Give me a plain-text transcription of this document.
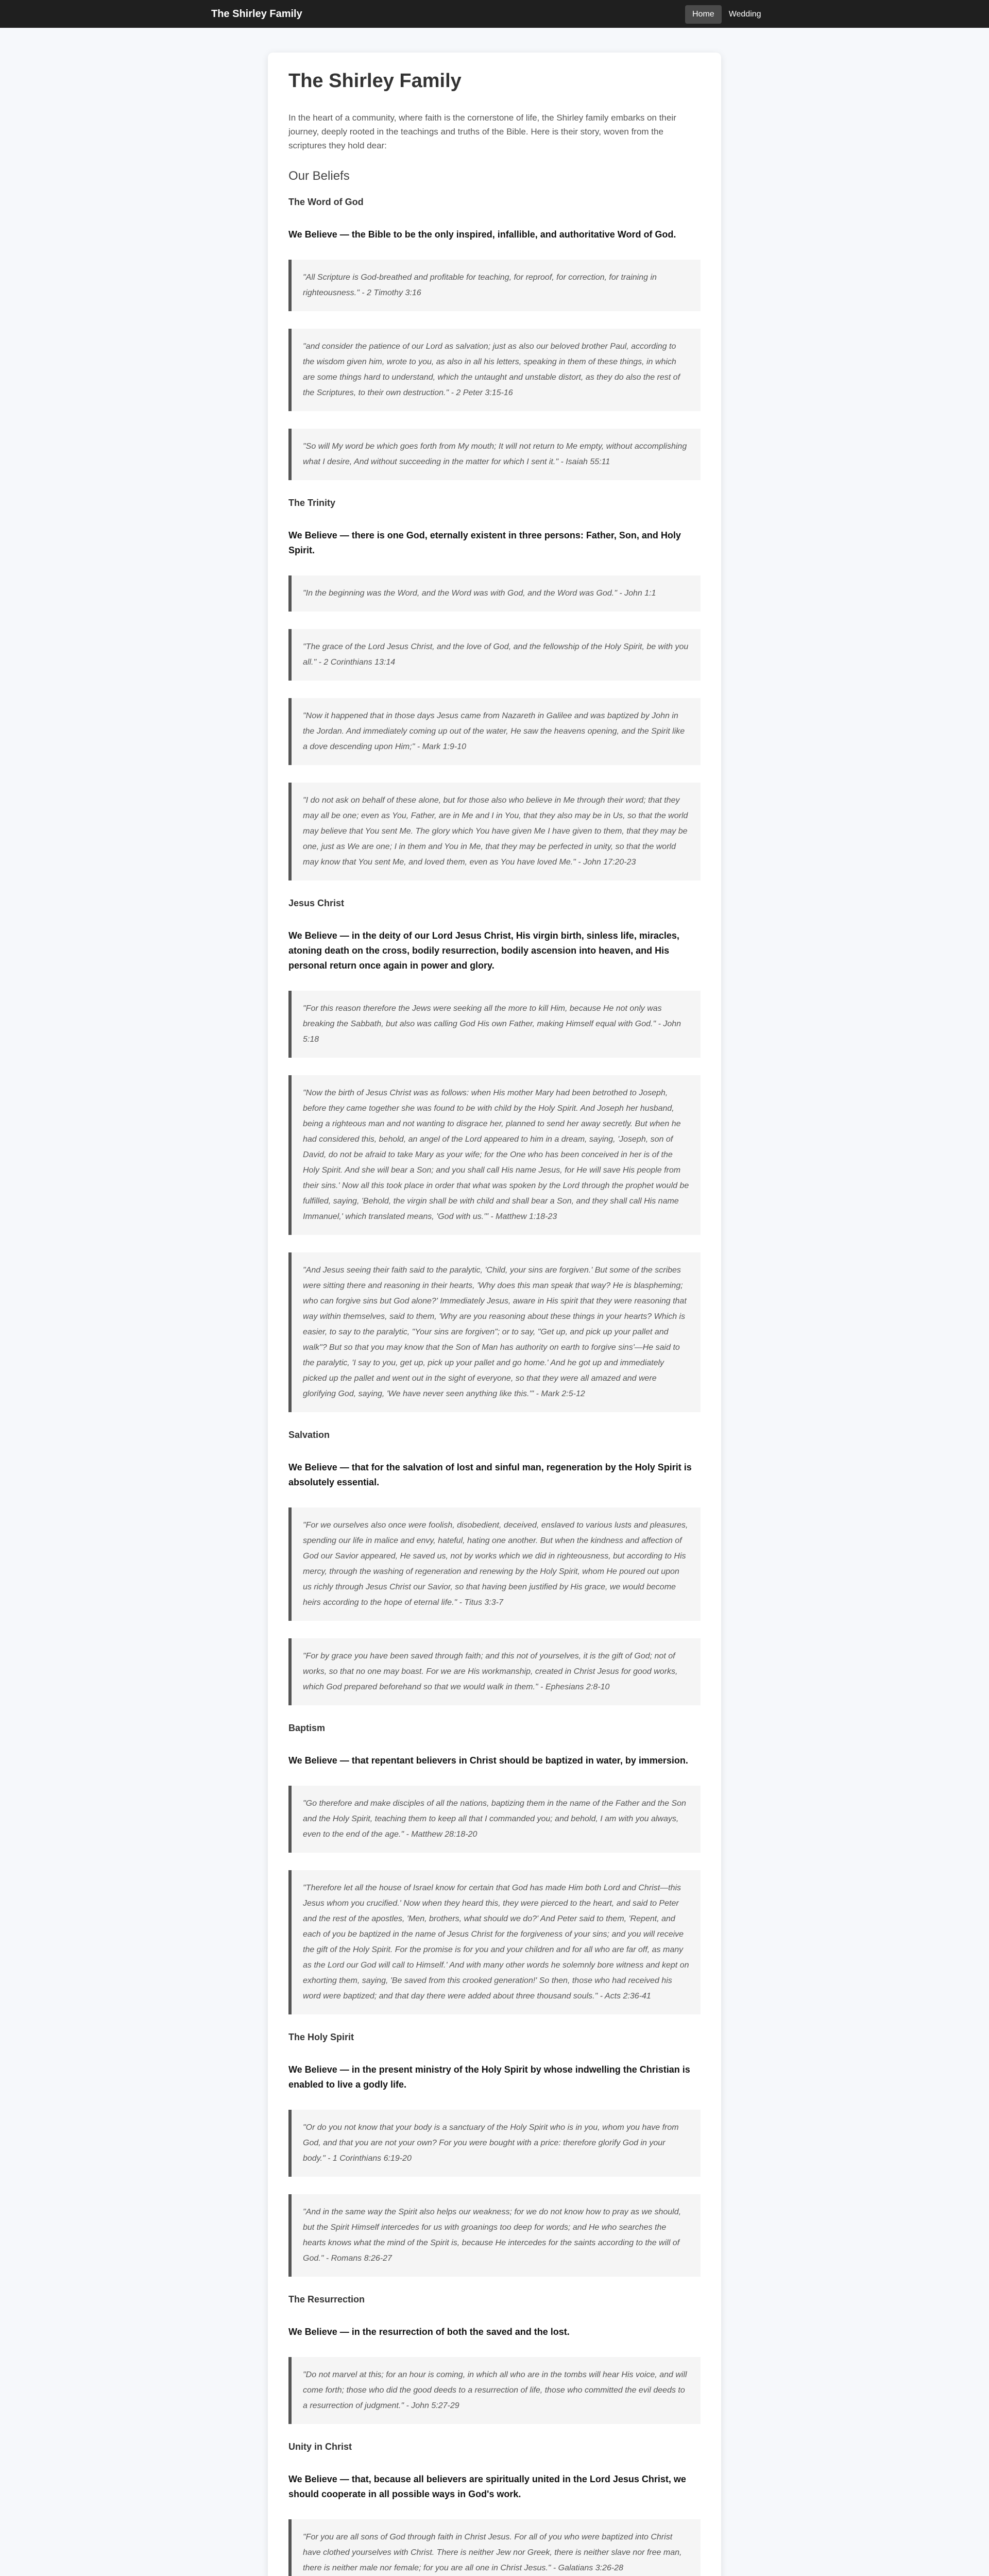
The Shirley Family	Home	Wedding
The Shirley Family

In the heart of a community, where faith is the cornerstone of life, the Shirley family embarks on their journey, deeply rooted in the teachings and truths of the Bible. Here is their story, woven from the scriptures they hold dear:

Our Beliefs
The Word of God

We Believe — the Bible to be the only inspired, infallible, and authoritative Word of God.

"All Scripture is God-breathed and profitable for teaching, for reproof, for correction, for training in righteousness." - 2 Timothy 3:16
"and consider the patience of our Lord as salvation; just as also our beloved brother Paul, according to the wisdom given him, wrote to you, as also in all his letters, speaking in them of these things, in which are some things hard to understand, which the untaught and unstable distort, as they do also the rest of the Scriptures, to their own destruction." - 2 Peter 3:15-16
"So will My word be which goes forth from My mouth; It will not return to Me empty, without accomplishing what I desire, And without succeeding in the matter for which I sent it." - Isaiah 55:11
The Trinity

We Believe — there is one God, eternally existent in three persons: Father, Son, and Holy Spirit.

"In the beginning was the Word, and the Word was with God, and the Word was God." - John 1:1
"The grace of the Lord Jesus Christ, and the love of God, and the fellowship of the Holy Spirit, be with you all." - 2 Corinthians 13:14
"Now it happened that in those days Jesus came from Nazareth in Galilee and was baptized by John in the Jordan. And immediately coming up out of the water, He saw the heavens opening, and the Spirit like a dove descending upon Him;" - Mark 1:9-10
"I do not ask on behalf of these alone, but for those also who believe in Me through their word; that they may all be one; even as You, Father, are in Me and I in You, that they also may be in Us, so that the world may believe that You sent Me. The glory which You have given Me I have given to them, that they may be one, just as We are one; I in them and You in Me, that they may be perfected in unity, so that the world may know that You sent Me, and loved them, even as You have loved Me." - John 17:20-23
Jesus Christ

We Believe — in the deity of our Lord Jesus Christ, His virgin birth, sinless life, miracles, atoning death on the cross, bodily resurrection, bodily ascension into heaven, and His personal return once again in power and glory.

"For this reason therefore the Jews were seeking all the more to kill Him, because He not only was breaking the Sabbath, but also was calling God His own Father, making Himself equal with God." - John 5:18
"Now the birth of Jesus Christ was as follows: when His mother Mary had been betrothed to Joseph, before they came together she was found to be with child by the Holy Spirit. And Joseph her husband, being a righteous man and not wanting to disgrace her, planned to send her away secretly. But when he had considered this, behold, an angel of the Lord appeared to him in a dream, saying, 'Joseph, son of David, do not be afraid to take Mary as your wife; for the One who has been conceived in her is of the Holy Spirit. And she will bear a Son; and you shall call His name Jesus, for He will save His people from their sins.' Now all this took place in order that what was spoken by the Lord through the prophet would be fulfilled, saying, 'Behold, the virgin shall be with child and shall bear a Son, and they shall call His name Immanuel,' which translated means, 'God with us.'" - Matthew 1:18-23
"And Jesus seeing their faith said to the paralytic, 'Child, your sins are forgiven.' But some of the scribes were sitting there and reasoning in their hearts, 'Why does this man speak that way? He is blaspheming; who can forgive sins but God alone?' Immediately Jesus, aware in His spirit that they were reasoning that way within themselves, said to them, 'Why are you reasoning about these things in your hearts? Which is easier, to say to the paralytic, "Your sins are forgiven"; or to say, "Get up, and pick up your pallet and walk"? But so that you may know that the Son of Man has authority on earth to forgive sins'—He said to the paralytic, 'I say to you, get up, pick up your pallet and go home.' And he got up and immediately picked up the pallet and went out in the sight of everyone, so that they were all amazed and were glorifying God, saying, 'We have never seen anything like this.'" - Mark 2:5-12
Salvation

We Believe — that for the salvation of lost and sinful man, regeneration by the Holy Spirit is absolutely essential.

"For we ourselves also once were foolish, disobedient, deceived, enslaved to various lusts and pleasures, spending our life in malice and envy, hateful, hating one another. But when the kindness and affection of God our Savior appeared, He saved us, not by works which we did in righteousness, but according to His mercy, through the washing of regeneration and renewing by the Holy Spirit, whom He poured out upon us richly through Jesus Christ our Savior, so that having been justified by His grace, we would become heirs according to the hope of eternal life." - Titus 3:3-7
"For by grace you have been saved through faith; and this not of yourselves, it is the gift of God; not of works, so that no one may boast. For we are His workmanship, created in Christ Jesus for good works, which God prepared beforehand so that we would walk in them." - Ephesians 2:8-10
Baptism

We Believe — that repentant believers in Christ should be baptized in water, by immersion.

"Go therefore and make disciples of all the nations, baptizing them in the name of the Father and the Son and the Holy Spirit, teaching them to keep all that I commanded you; and behold, I am with you always, even to the end of the age." - Matthew 28:18-20
"Therefore let all the house of Israel know for certain that God has made Him both Lord and Christ—this Jesus whom you crucified.' Now when they heard this, they were pierced to the heart, and said to Peter and the rest of the apostles, 'Men, brothers, what should we do?' And Peter said to them, 'Repent, and each of you be baptized in the name of Jesus Christ for the forgiveness of your sins; and you will receive the gift of the Holy Spirit. For the promise is for you and your children and for all who are far off, as many as the Lord our God will call to Himself.' And with many other words he solemnly bore witness and kept on exhorting them, saying, 'Be saved from this crooked generation!' So then, those who had received his word were baptized; and that day there were added about three thousand souls." - Acts 2:36-41
The Holy Spirit

We Believe — in the present ministry of the Holy Spirit by whose indwelling the Christian is enabled to live a godly life.

"Or do you not know that your body is a sanctuary of the Holy Spirit who is in you, whom you have from God, and that you are not your own? For you were bought with a price: therefore glorify God in your body." - 1 Corinthians 6:19-20
"And in the same way the Spirit also helps our weakness; for we do not know how to pray as we should, but the Spirit Himself intercedes for us with groanings too deep for words; and He who searches the hearts knows what the mind of the Spirit is, because He intercedes for the saints according to the will of God." - Romans 8:26-27
The Resurrection

We Believe — in the resurrection of both the saved and the lost.

"Do not marvel at this; for an hour is coming, in which all who are in the tombs will hear His voice, and will come forth; those who did the good deeds to a resurrection of life, those who committed the evil deeds to a resurrection of judgment." - John 5:27-29
Unity in Christ

We Believe — that, because all believers are spiritually united in the Lord Jesus Christ, we should cooperate in all possible ways in God's work.

"For you are all sons of God through faith in Christ Jesus. For all of you who were baptized into Christ have clothed yourselves with Christ. There is neither Jew nor Greek, there is neither slave nor free man, there is neither male nor female; for you are all one in Christ Jesus." - Galatians 3:26-28
